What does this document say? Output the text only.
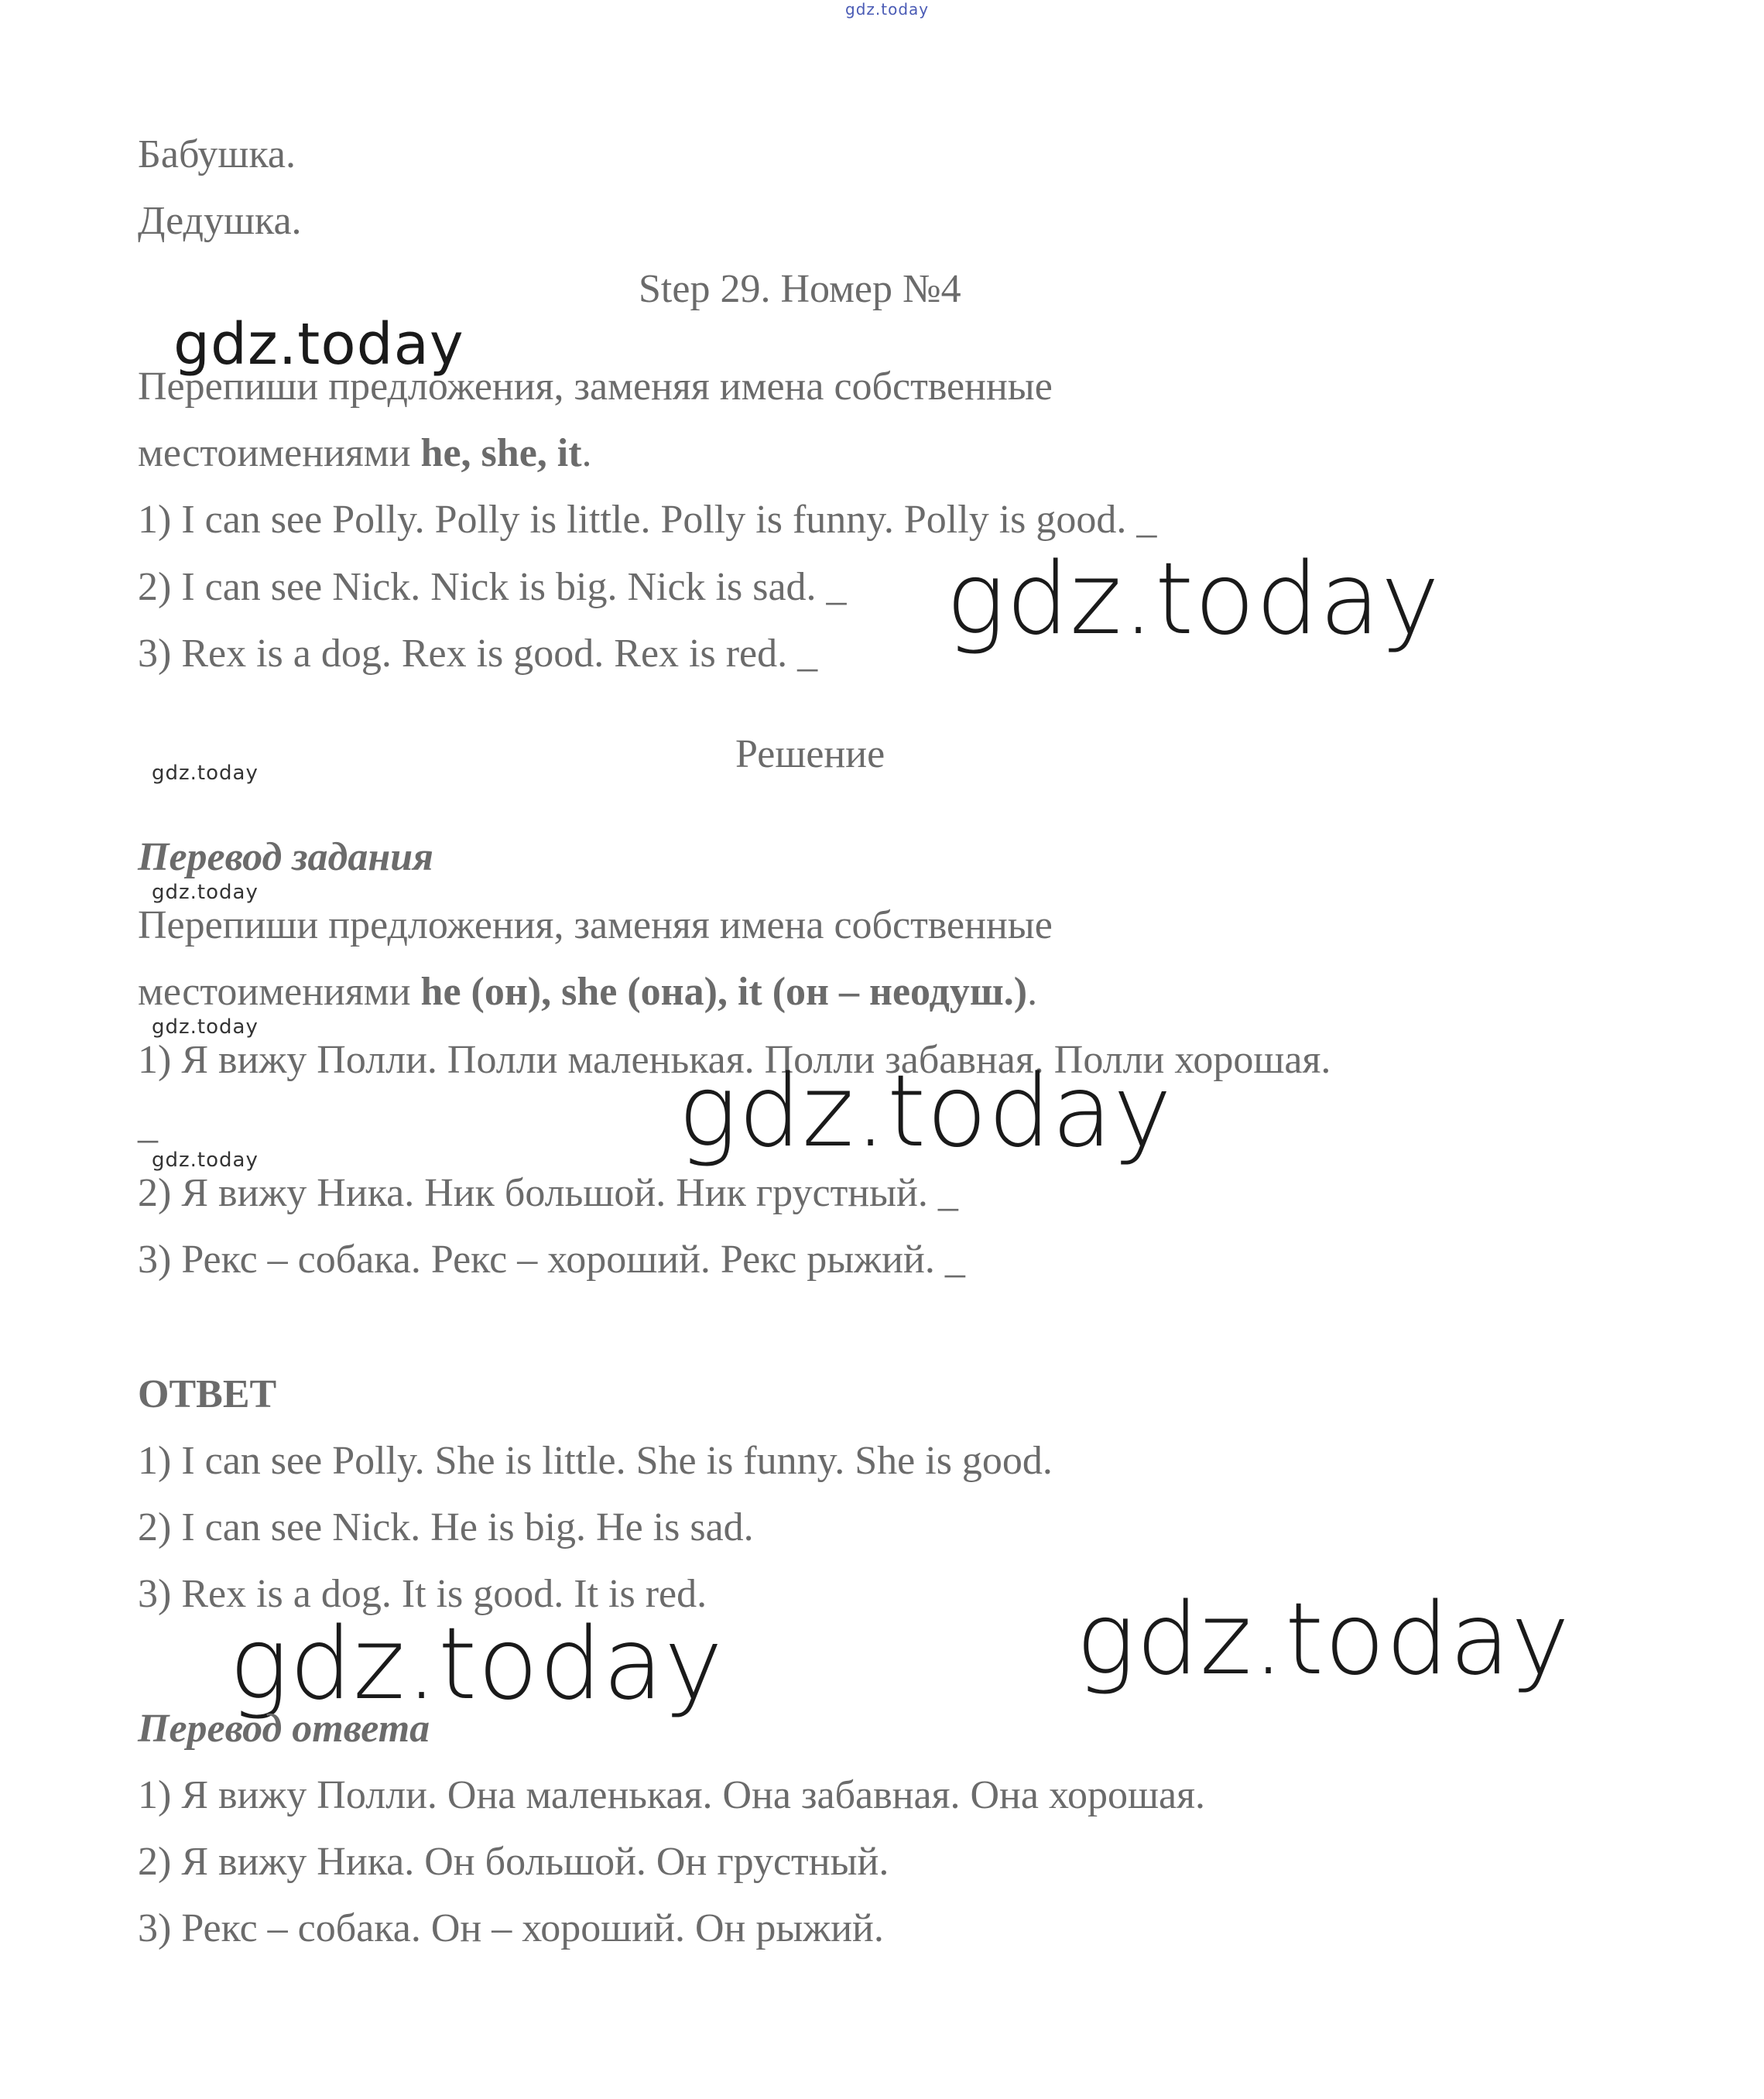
gdz.today
Бабушка.
Дедушка.
Step 29. Номер №4
gdz.today
Перепиши предложения, заменяя имена собственные
местоимениями he, she, it.
1) I can see Polly. Polly is little. Polly is funny. Polly is good. _
2) I can see Nick. Nick is big. Nick is sad. _
3) Rex is a dog. Rex is good. Rex is red. _ gdz.today
Решение
gdz.today
Перевод задания
gdz.today
Перепиши предложения, заменяя имена собственные
местоимениями he (он), she (она), it (он – неодуш.).
gdz.today
1) Я вижу Полли. Полли маленькая. Полли забавная. Полли хорошая.
gdz.today
_
gdz.today
2) Я вижу Ника. Ник большой. Ник грустный. _
3) Рекс – собака. Рекс – хороший. Рекс рыжий. _
ОТВЕТ
1) I can see Polly. She is little. She is funny. She is good.
2) I can see Nick. He is big. He is sad.
3) Rex is a dog. It is good. It is red.
gdz.today	gdz.today
Перевод ответа
1) Я вижу Полли. Она маленькая. Она забавная. Она хорошая.
2) Я вижу Ника. Он большой. Он грустный.
3) Рекс – собака. Он – хороший. Он рыжий.
